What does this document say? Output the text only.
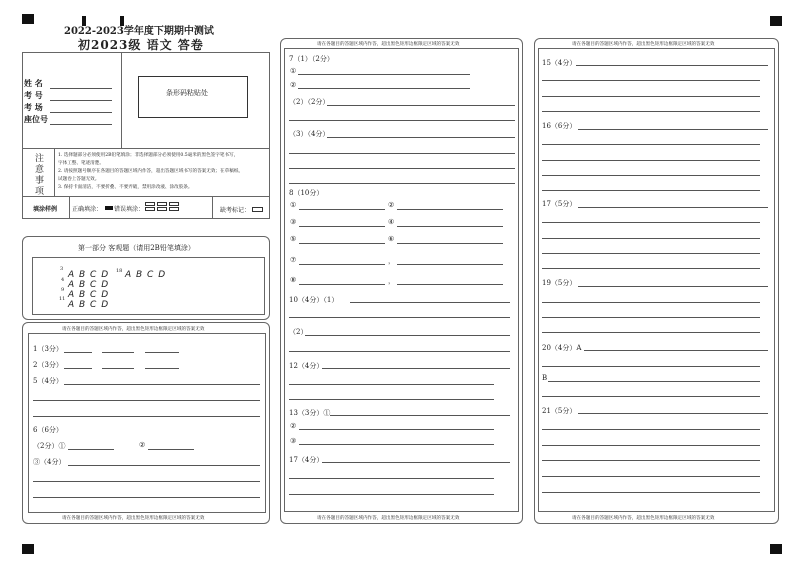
2022-2023学年度下期期中测试
初2023级 语文 答卷
姓 名
考 号
考 场
座位号
条形码粘贴处
注
意
事
项
1. 选择题部分必须使用2B铅笔填涂；非选择题部分必须使用0.5毫米的黑色签字笔书写，
字体工整、笔迹清楚。
2. 请按照题号顺序在各题目的答题区域内作答，超出答题区域书写的答案无效；在草稿纸、
试题卷上答题无效。
3. 保持卡面清洁，不要折叠、不要弄破，禁用涂改液、涂改胶条。
填涂样例 正确填涂： 错误填涂：	缺考标记：
第一部分 客观题（请用2B铅笔填涂）
3
A B C D
4 A B C D
9 A B C D
11
A B C D
18 A B C D
请在各题目的答题区域内作答，超出黑色矩形边框限定区域的答案无效
请在各题目的答题区域内作答，超出黑色矩形边框限定区域的答案无效
1（3分）
2（3分）
5（4分）
6（6分）
（2分）①	②
③（4分）
请在各题目的答题区域内作答，超出黑色矩形边框限定区域的答案无效
请在各题目的答题区域内作答，超出黑色矩形边框限定区域的答案无效
7（1）（2分）
①
②
（2）（2分）
（3）（4分）
8（10分）
①	②
③	④
⑤	⑥
⑦	，
⑧	，
10（4分）（1）
（2）
12（4分）
13（3分）①
②
③
17（4分）
请在各题目的答题区域内作答，超出黑色矩形边框限定区域的答案无效
请在各题目的答题区域内作答，超出黑色矩形边框限定区域的答案无效
15（4分）
16（6分）
17（5分）
19（5分）
20（4分）A
B
21（5分）
